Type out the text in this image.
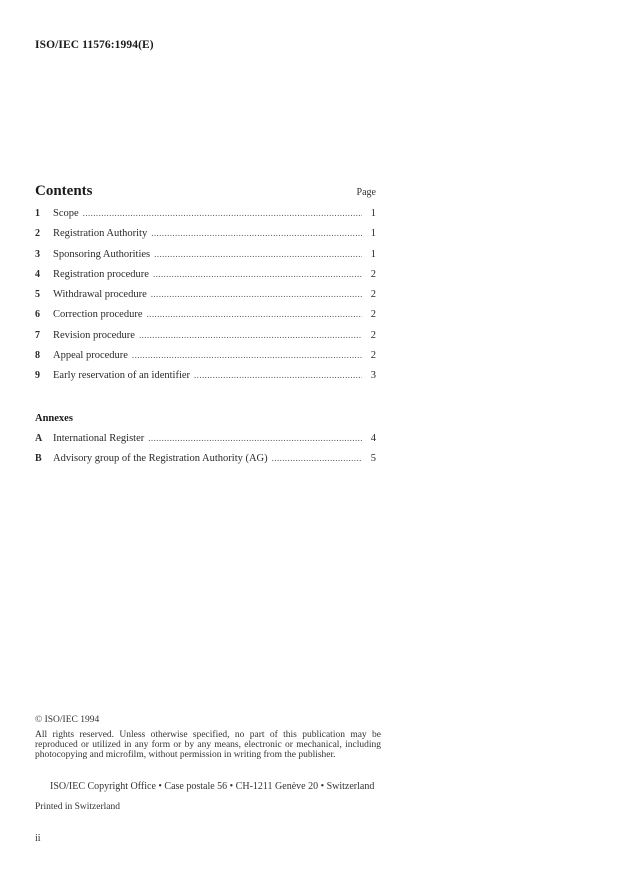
ISO/IEC 11576:1994(E)
Contents	Page
1	Scope .....	1
2	Registration Authority .....	1
3	Sponsoring Authorities .....	1
4	Registration procedure .....	2
5	Withdrawal procedure .....	2
6	Correction procedure .....	2
7	Revision procedure .....	2
8	Appeal procedure .....	2
9	Early reservation of an identifier .....	3
Annexes
A	International Register .....	4
B	Advisory group of the Registration Authority (AG) .....	5
© ISO/IEC 1994
All rights reserved. Unless otherwise specified, no part of this publication may be reproduced or utilized in any form or by any means, electronic or mechanical, including photocopying and microfilm, without permission in writing from the publisher.
ISO/IEC Copyright Office • Case postale 56 • CH-1211 Genève 20 • Switzerland
Printed in Switzerland
ii
